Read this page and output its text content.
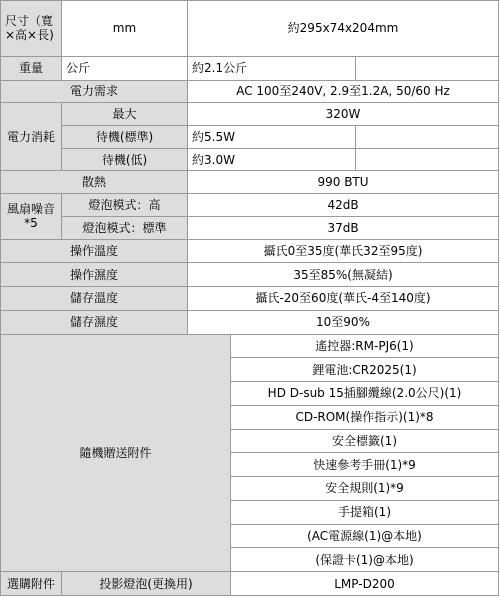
尺寸（寬×高×長)	mm	約295x74x204mm		
重量	公斤	約2.1公斤		
電力需求		AC 100至240V, 2.9至1.2A, 50/60 Hz		
電力消耗	最大	320W		
	待機(標準)	約5.5W		
	待機(低)	約3.0W		
散熱		990 BTU		
風扇噪音*5	燈泡模式：高	42dB		
	燈泡模式：標準	37dB		
操作溫度		攝氏0至35度(華氏32至95度)		
操作濕度		35至85%(無凝結)		
儲存溫度		攝氏-20至60度(華氏-4至140度)		
儲存濕度		10至90%		
隨機贈送附件			遙控器:RM-PJ6(1)	
			鋰電池:CR2025(1)	
			HD D-sub 15插腳纜線(2.0公尺)(1)	
			CD-ROM(操作指示)(1)*8	
			安全標籤(1)	
			快速參考手冊(1)*9	
			安全規則(1)*9	
			手提箱(1)	
			(AC電源線(1)@本地)	
			(保證卡(1)@本地)	
選購附件	投影燈泡(更換用)		LMP-D200	
